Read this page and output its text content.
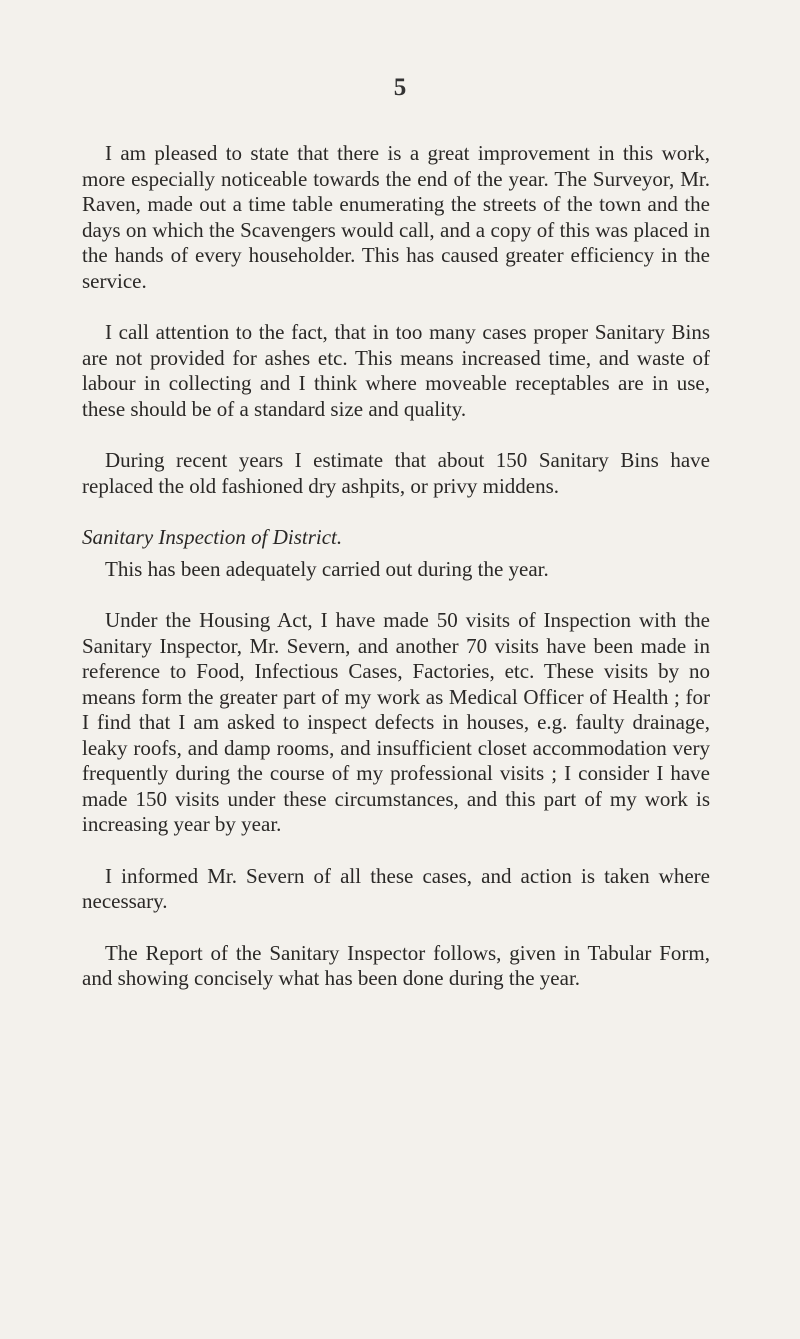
5

I am pleased to state that there is a great improvement in this work, more especially noticeable towards the end of the year. The Surveyor, Mr. Raven, made out a time table enumerating the streets of the town and the days on which the Scavengers would call, and a copy of this was placed in the hands of every householder. This has caused greater efficiency in the service.

I call attention to the fact, that in too many cases proper Sanitary Bins are not provided for ashes etc. This means increased time, and waste of labour in collecting and I think where moveable receptables are in use, these should be of a standard size and quality.

During recent years I estimate that about 150 Sanitary Bins have replaced the old fashioned dry ashpits, or privy middens.

Sanitary Inspection of District.

This has been adequately carried out during the year.

Under the Housing Act, I have made 50 visits of Inspection with the Sanitary Inspector, Mr. Severn, and another 70 visits have been made in reference to Food, Infectious Cases, Factories, etc. These visits by no means form the greater part of my work as Medical Officer of Health ; for I find that I am asked to inspect defects in houses, e.g. faulty drainage, leaky roofs, and damp rooms, and insufficient closet accommodation very frequently during the course of my professional visits ; I consider I have made 150 visits under these circumstances, and this part of my work is increasing year by year.

I informed Mr. Severn of all these cases, and action is taken where necessary.

The Report of the Sanitary Inspector follows, given in Tabular Form, and showing concisely what has been done during the year.
